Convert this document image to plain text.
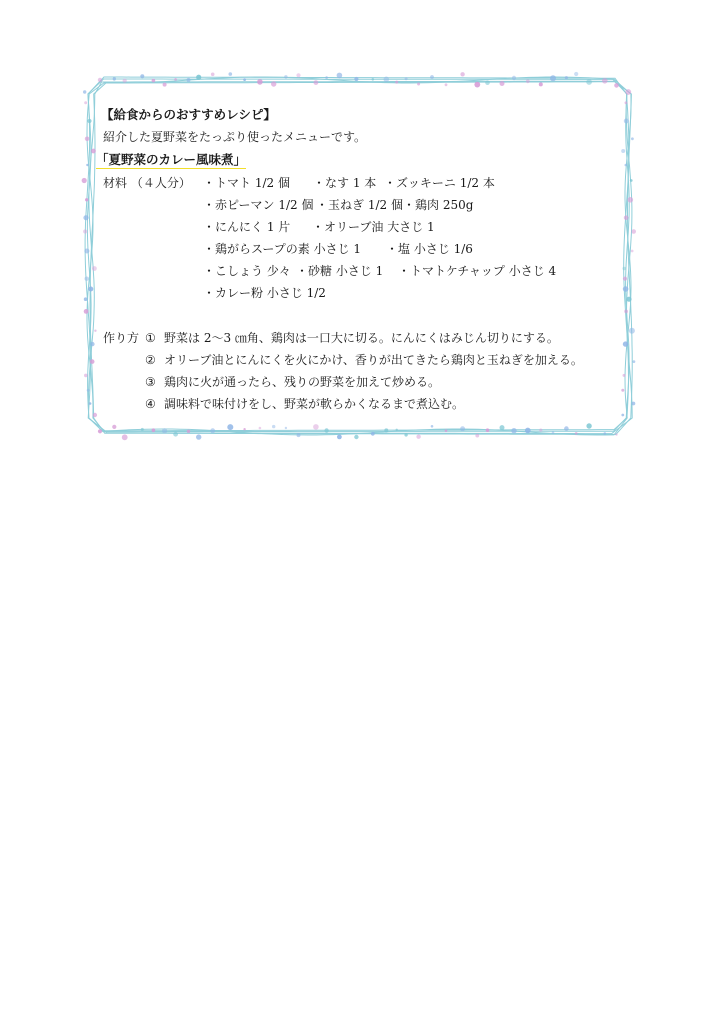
【給食からのおすすめレシピ】
紹介した夏野菜をたっぷり使ったメニューです。
「夏野菜のカレー風味煮」
材料 （４人分） ・トマト 1/2 個 ・なす 1 本 ・ズッキーニ 1/2 本
・赤ピーマン 1/2 個 ・玉ねぎ 1/2 個 ・鶏肉 250g
・にんにく 1 片 ・オリーブ油 大さじ 1
・鶏がらスープの素 小さじ 1 ・塩 小さじ 1/6
・こしょう 少々 ・砂糖 小さじ 1 ・トマトケチャップ 小さじ 4
・カレー粉 小さじ 1/2
作り方 ① 野菜は 2～3 ㎝角、鶏肉は一口大に切る。にんにくはみじん切りにする。
② オリーブ油とにんにくを火にかけ、香りが出てきたら鶏肉と玉ねぎを加える。
③ 鶏肉に火が通ったら、残りの野菜を加えて炒める。
④ 調味料で味付けをし、野菜が軟らかくなるまで煮込む。
